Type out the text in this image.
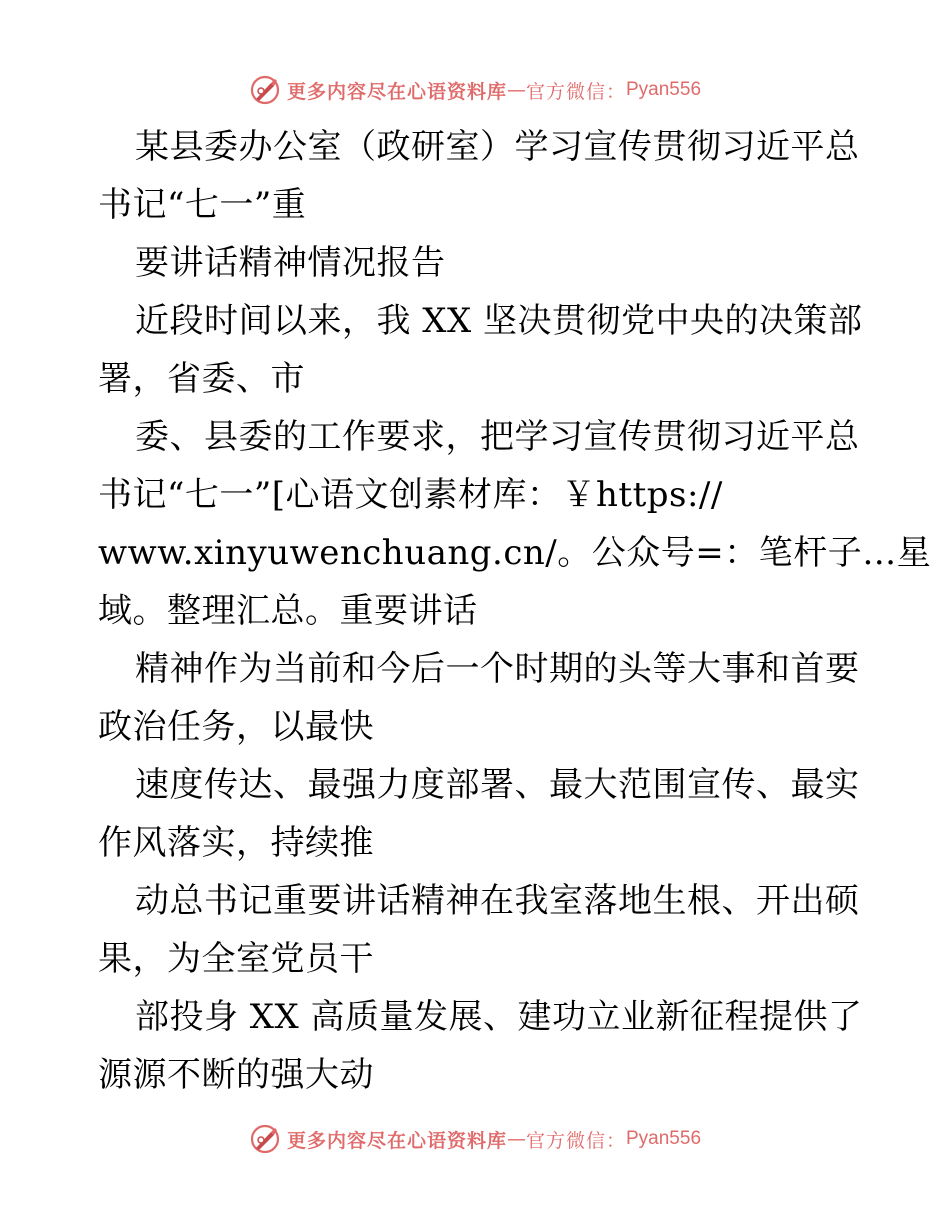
更多内容尽在心语资料库 — 官方微信： Pyan556
某县委办公室（政研室）学习宣传贯彻习近平总
书记“七一”重
要讲话精神情况报告
近段时间以来，我 XX 坚决贯彻党中央的决策部
署，省委、市
委、县委的工作要求，把学习宣传贯彻习近平总
书记“七一”[心语文创素材库：￥https://
www.xinyuwenchuang.cn/。公众号=：笔杆子…星
域。整理汇总。重要讲话
精神作为当前和今后一个时期的头等大事和首要
政治任务，以最快
速度传达、最强力度部署、最大范围宣传、最实
作风落实，持续推
动总书记重要讲话精神在我室落地生根、开出硕
果，为全室党员干
部投身 XX 高质量发展、建功立业新征程提供了
源源不断的强大动
更多内容尽在心语资料库 — 官方微信： Pyan556
